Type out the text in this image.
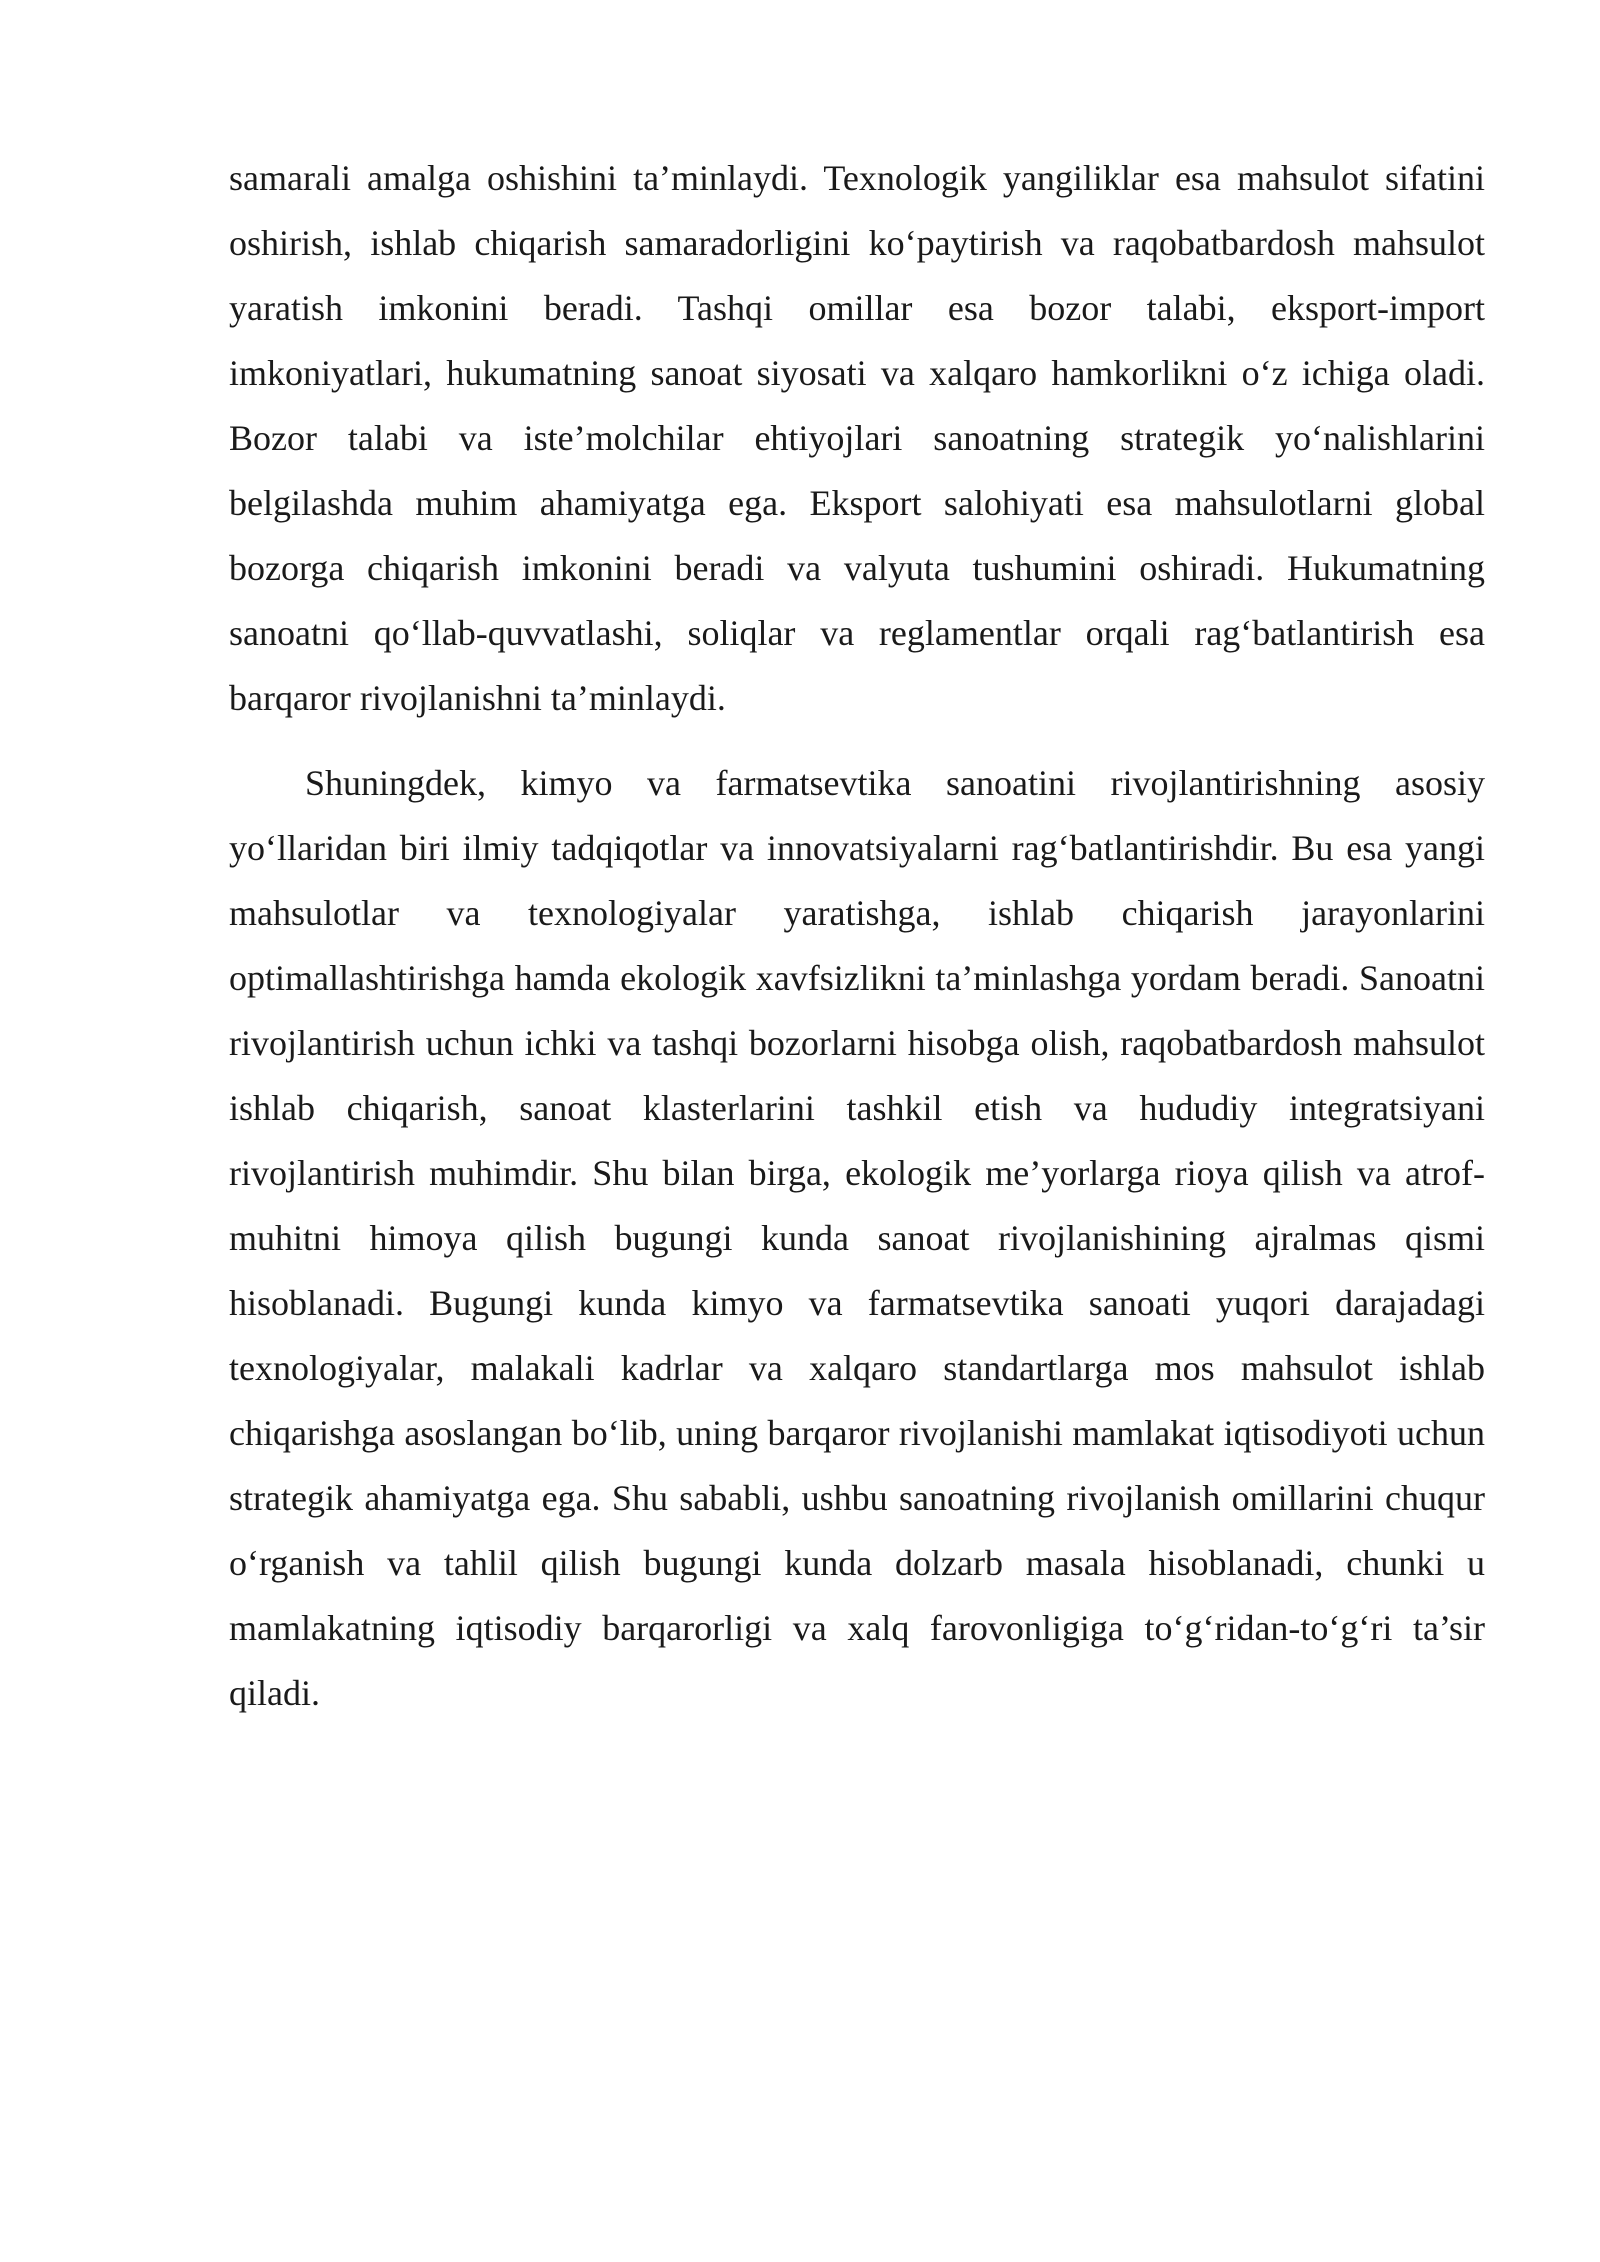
samarali amalga oshishini ta’minlaydi. Texnologik yangiliklar esa mahsulot sifatini oshirish, ishlab chiqarish samaradorligini ko‘paytirish va raqobatbardosh mahsulot yaratish imkonini beradi. Tashqi omillar esa bozor talabi, eksport-import imkoniyatlari, hukumatning sanoat siyosati va xalqaro hamkorlikni o‘z ichiga oladi. Bozor talabi va iste’molchilar ehtiyojlari sanoatning strategik yo‘nalishlarini belgilashda muhim ahamiyatga ega. Eksport salohiyati esa mahsulotlarni global bozorga chiqarish imkonini beradi va valyuta tushumini oshiradi. Hukumatning sanoatni qo‘llab-quvvatlashi, soliqlar va reglamentlar orqali rag‘batlantirish esa barqaror rivojlanishni ta’minlaydi.

Shuningdek, kimyo va farmatsevtika sanoatini rivojlantirishning asosiy yo‘llaridan biri ilmiy tadqiqotlar va innovatsiyalarni rag‘batlantirishdir. Bu esa yangi mahsulotlar va texnologiyalar yaratishga, ishlab chiqarish jarayonlarini optimallashtirishga hamda ekologik xavfsizlikni ta’minlashga yordam beradi. Sanoatni rivojlantirish uchun ichki va tashqi bozorlarni hisobga olish, raqobatbardosh mahsulot ishlab chiqarish, sanoat klasterlarini tashkil etish va hududiy integratsiyani rivojlantirish muhimdir. Shu bilan birga, ekologik me’yorlarga rioya qilish va atrof-muhitni himoya qilish bugungi kunda sanoat rivojlanishining ajralmas qismi hisoblanadi. Bugungi kunda kimyo va farmatsevtika sanoati yuqori darajadagi texnologiyalar, malakali kadrlar va xalqaro standartlarga mos mahsulot ishlab chiqarishga asoslangan bo‘lib, uning barqaror rivojlanishi mamlakat iqtisodiyoti uchun strategik ahamiyatga ega. Shu sababli, ushbu sanoatning rivojlanish omillarini chuqur o‘rganish va tahlil qilish bugungi kunda dolzarb masala hisoblanadi, chunki u mamlakatning iqtisodiy barqarorligi va xalq farovonligiga to‘g‘ridan-to‘g‘ri ta’sir qiladi.
